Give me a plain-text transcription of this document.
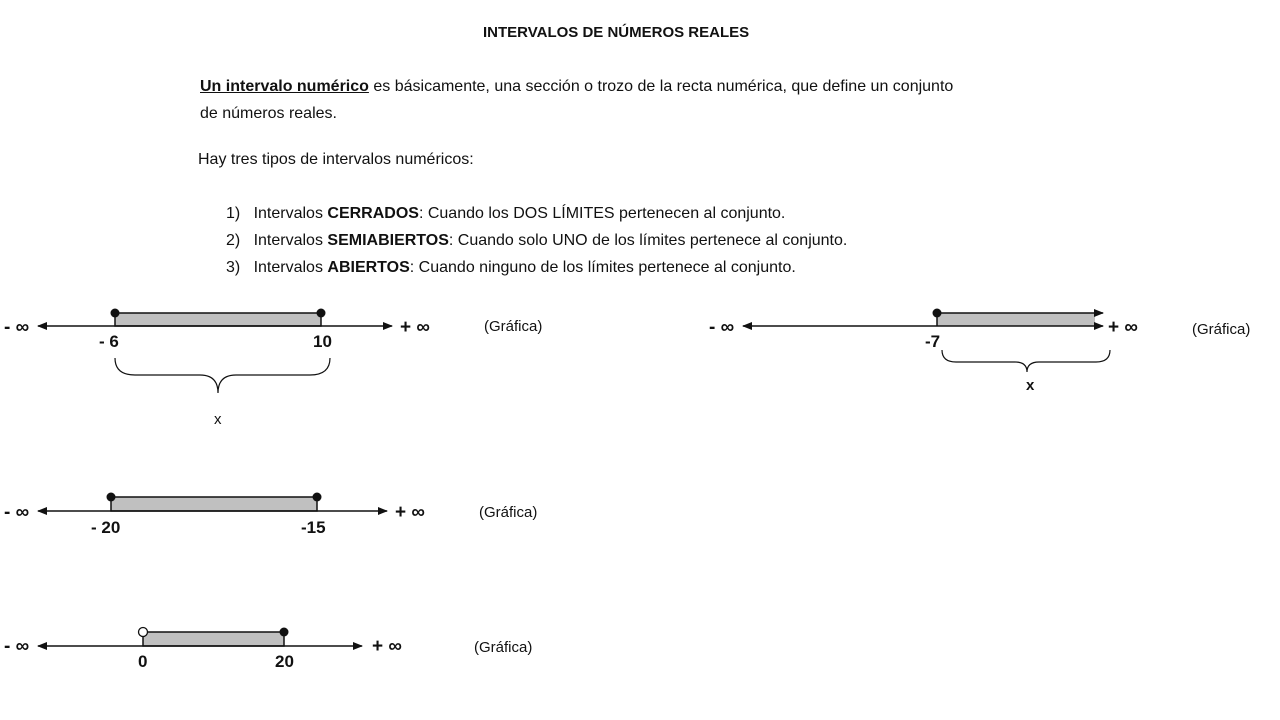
INTERVALOS DE NÚMEROS REALES
Un intervalo numérico es básicamente, una sección o trozo de la recta numérica, que define un conjunto
de números reales.
Hay tres tipos de intervalos numéricos:
1) Intervalos CERRADOS: Cuando los DOS LÍMITES pertenecen al conjunto.
2) Intervalos SEMIABIERTOS: Cuando solo UNO de los límites pertenece al conjunto.
3) Intervalos ABIERTOS: Cuando ninguno de los límites pertenece al conjunto.
- ∞	+ ∞
- 6	10
x
(Gráfica)	- ∞	+ ∞
-7
x
(Gráfica)
- ∞	+ ∞
- 20	-15
(Gráfica)
- ∞	+ ∞
0	20
(Gráfica)
